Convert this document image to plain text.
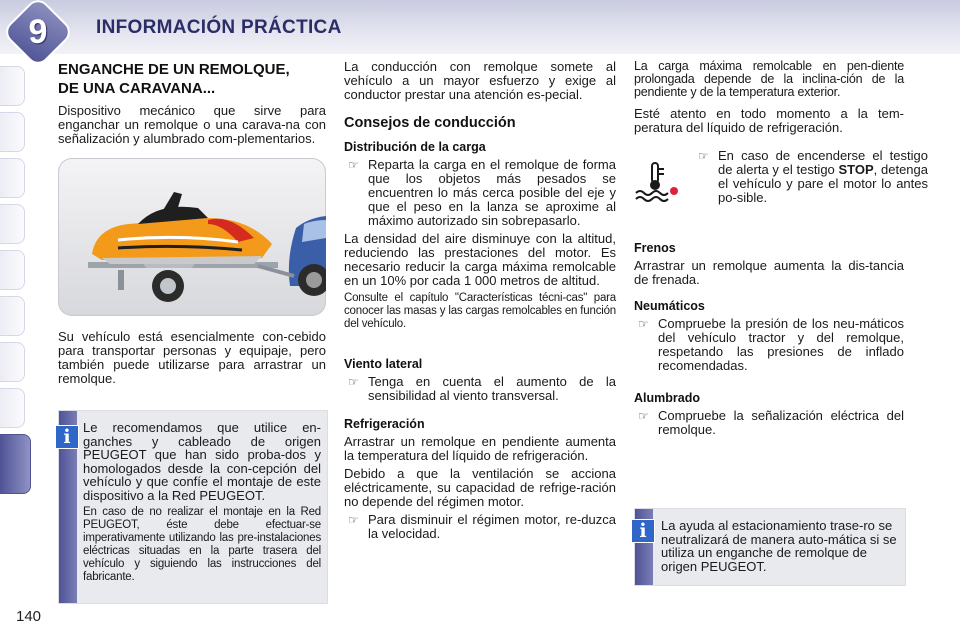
9	INFORMACIÓN PRÁCTICA
140
ENGANCHE DE UN REMOLQUE,
DE UNA CARAVANA...

Dispositivo mecánico que sirve para enganchar un remolque o una carava-na con señalización y alumbrado com-plementarios.

Su vehículo está esencialmente con-cebido para transportar personas y equipaje, pero también puede utilizarse para arrastrar un remolque.

i Le recomendamos que utilice en-ganches y cableado de origen PEUGEOT que han sido proba-dos y homologados desde la con-cepción del vehículo y que confíe el montaje de este dispositivo a la Red PEUGEOT.

En caso de no realizar el montaje en la Red PEUGEOT, éste debe efectuar-se imperativamente utilizando las pre-instalaciones eléctricas situadas en la parte trasera del vehículo y siguiendo las instrucciones del fabricante.

La conducción con remolque somete al vehículo a un mayor esfuerzo y exige al conductor prestar una atención es-pecial.

Consejos de conducción
Distribución de la carga
☞ Reparta la carga en el remolque de forma que los objetos más pesados se encuentren lo más cerca posible del eje y que el peso en la lanza se aproxime al máximo autorizado sin sobrepasarlo.

La densidad del aire disminuye con la altitud, reduciendo las prestaciones del motor. Es necesario reducir la carga máxima remolcable en un 10% por cada 1 000 metros de altitud.

Consulte el capítulo "Características técni-cas" para conocer las masas y las cargas remolcables en función del vehículo.

Viento lateral
☞ Tenga en cuenta el aumento de la sensibilidad al viento transversal.
Refrigeración

Arrastrar un remolque en pendiente aumenta la temperatura del líquido de refrigeración.

Debido a que la ventilación se acciona eléctricamente, su capacidad de refrige-ración no depende del régimen motor.

☞ Para disminuir el régimen motor, re-duzca la velocidad.

La carga máxima remolcable en pen-diente prolongada depende de la inclina-ción de la pendiente y de la temperatura exterior.

Esté atento en todo momento a la tem-peratura del líquido de refrigeración.

☞ En caso de encenderse el testigo de alerta y el testigo STOP, detenga el vehículo y pare el motor lo antes po-sible.
Frenos

Arrastrar un remolque aumenta la dis-tancia de frenada.

Neumáticos
☞ Compruebe la presión de los neu-máticos del vehículo tractor y del remolque, respetando las presiones de inflado recomendadas.
Alumbrado
☞ Compruebe la señalización eléctrica del remolque.
i	La ayuda al estacionamiento trase-ro se neutralizará de manera auto-mática si se utiliza un enganche de remolque de origen PEUGEOT.
